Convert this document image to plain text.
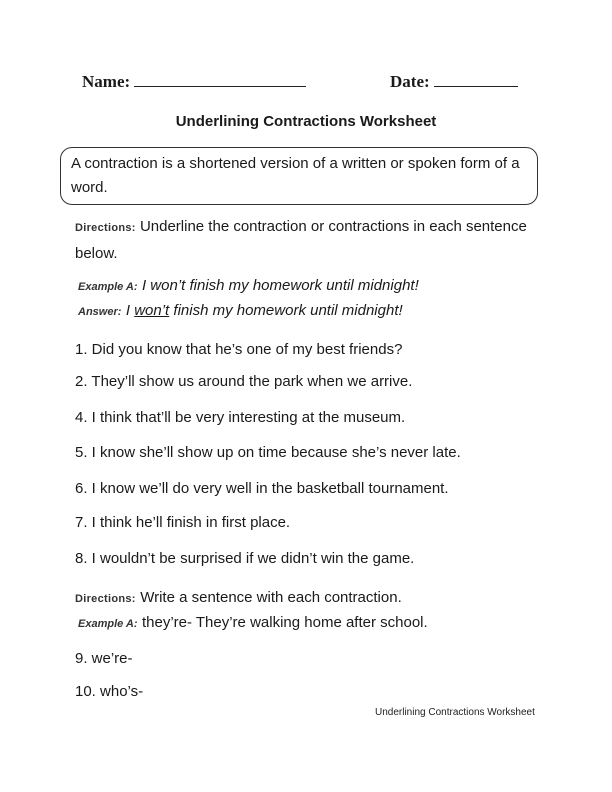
Name:	Date:
Underlining Contractions Worksheet
A contraction is a shortened version of a written or spoken form of a word.
Directions: Underline the contraction or contractions in each sentence below.
Example A: I won’t finish my homework until midnight!
Answer: I won’t finish my homework until midnight!
1. Did you know that he’s one of my best friends?
2. They’ll show us around the park when we arrive.
4. I think that’ll be very interesting at the museum.
5. I know she’ll show up on time because she’s never late.
6. I know we’ll do very well in the basketball tournament.
7. I think he’ll finish in first place.
8. I wouldn’t be surprised if we didn’t win the game.
Directions: Write a sentence with each contraction.
Example A: they’re- They’re walking home after school.
9. we’re-
10. who’s-
Underlining Contractions Worksheet
